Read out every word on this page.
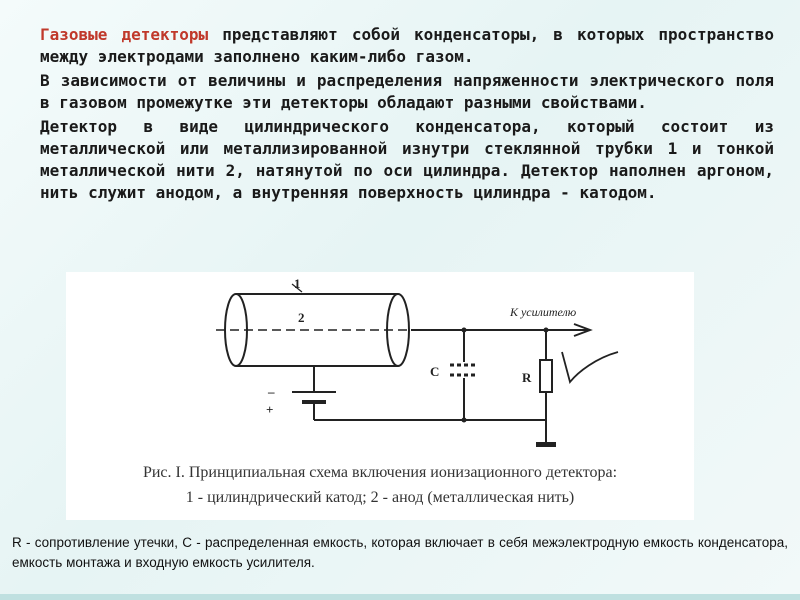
Газовые детекторы представляют собой конденсаторы, в которых пространство между электродами заполнено каким-либо газом.

В зависимости от величины и распределения напряженности электрического поля в газовом промежутке эти детекторы обладают разными свойствами.

Детектор в виде цилиндрического конденсатора, который состоит из металлической или металлизированной изнутри стеклянной трубки 1 и тонкой металлической нити 2, натянутой по оси цилиндра. Детектор наполнен аргоном, нить служит анодом, а внутренняя поверхность цилиндра - катодом.

1
2
–
+
C	R
К усилителю
Рис. I. Принципиальная схема включения ионизационного детектора:
1 - цилиндрический катод; 2 - анод (металлическая нить)
R - сопротивление утечки, C - распределенная емкость, которая включает в себя межэлектродную емкость конденсатора, емкость монтажа и входную емкость усилителя.
